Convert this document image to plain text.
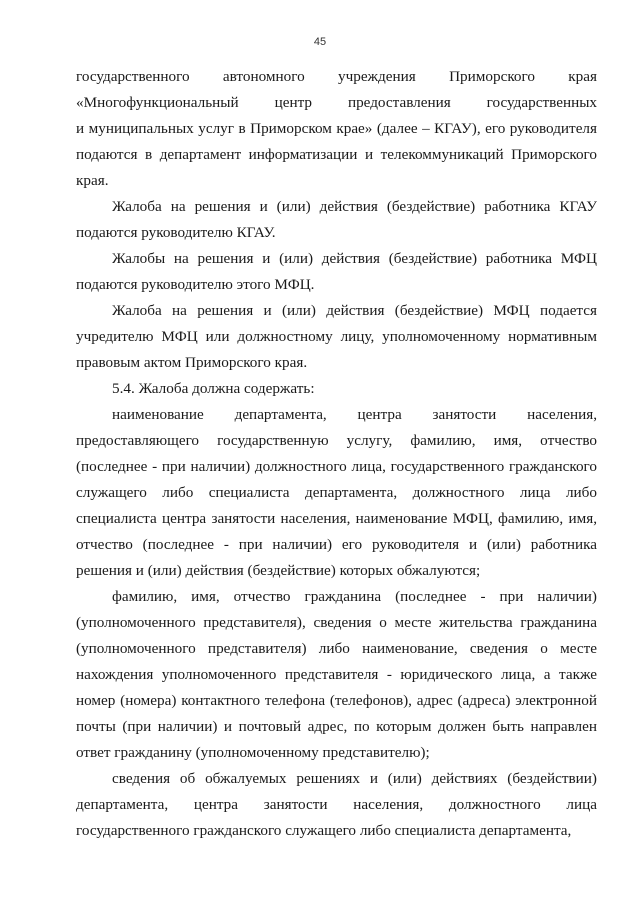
45
государственного автономного учреждения Приморского края
«Многофункциональный центр предоставления государственных
и муниципальных услуг в Приморском крае» (далее – КГАУ), его руководителя
подаются в департамент информатизации и телекоммуникаций Приморского
края.
Жалоба на решения и (или) действия (бездействие) работника КГАУ
подаются руководителю КГАУ.
Жалобы на решения и (или) действия (бездействие) работника МФЦ
подаются руководителю этого МФЦ.
Жалоба на решения и (или) действия (бездействие) МФЦ подается
учредителю МФЦ или должностному лицу, уполномоченному нормативным
правовым актом Приморского края.
5.4. Жалоба должна содержать:
наименование департамента, центра занятости населения,
предоставляющего государственную услугу, фамилию, имя, отчество
(последнее - при наличии) должностного лица, государственного гражданского
служащего либо специалиста департамента, должностного лица либо
специалиста центра занятости населения, наименование МФЦ, фамилию, имя,
отчество (последнее - при наличии) его руководителя и (или) работника
решения и (или) действия (бездействие) которых обжалуются;
фамилию, имя, отчество гражданина (последнее - при наличии)
(уполномоченного представителя), сведения о месте жительства гражданина
(уполномоченного представителя) либо наименование, сведения о месте
нахождения уполномоченного представителя - юридического лица, а также
номер (номера) контактного телефона (телефонов), адрес (адреса) электронной
почты (при наличии) и почтовый адрес, по которым должен быть направлен
ответ гражданину (уполномоченному представителю);
сведения об обжалуемых решениях и (или) действиях (бездействии)
департамента, центра занятости населения, должностного лица
государственного гражданского служащего либо специалиста департамента,
